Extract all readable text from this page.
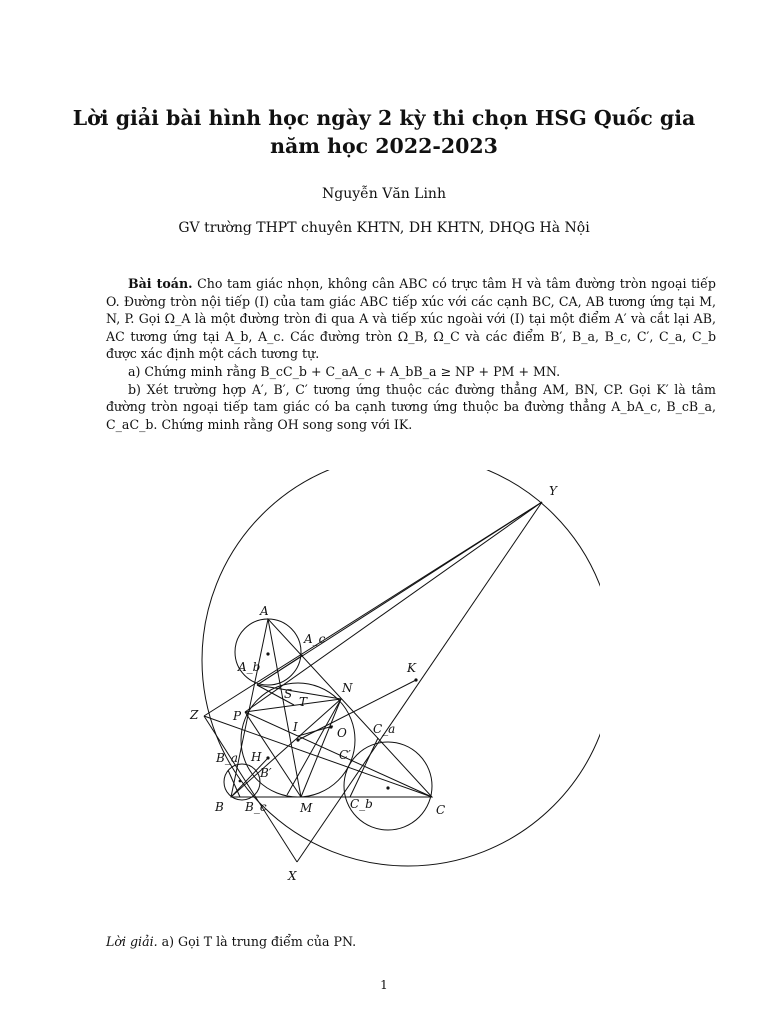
Lời giải bài hình học ngày 2 kỳ thi chọn HSG Quốc gia năm học 2022-2023

Nguyễn Văn Linh

GV trường THPT chuyên KHTN, DH KHTN, DHQG Hà Nội

Bài toán. Cho tam giác nhọn, không cân ABC có trực tâm H và tâm đường tròn ngoại tiếp O. Đường tròn nội tiếp (I) của tam giác ABC tiếp xúc với các cạnh BC, CA, AB tương ứng tại M, N, P. Gọi Ω_A là một đường tròn đi qua A và tiếp xúc ngoài với (I) tại một điểm A′ và cắt lại AB, AC tương ứng tại A_b, A_c. Các đường tròn Ω_B, Ω_C và các điểm B′, B_a, B_c, C′, C_a, C_b được xác định một cách tương tự.

a) Chứng minh rằng B_cC_b + C_aA_c + A_bB_a ≥ NP + PM + MN.

b) Xét trường hợp A′, B′, C′ tương ứng thuộc các đường thẳng AM, BN, CP. Gọi K′ là tâm đường tròn ngoại tiếp tam giác có ba cạnh tương ứng thuộc ba đường thẳng A_bA_c, B_cB_a, C_aC_b. Chứng minh rằng OH song song với IK.

Y
A
A_c
A_b	K
N
Z	P
S
T
I	O C_a
C′
B_a H
B′
B B_c	M	C_b	C
X

Lời giải. a) Gọi T là trung điểm của PN.

1
